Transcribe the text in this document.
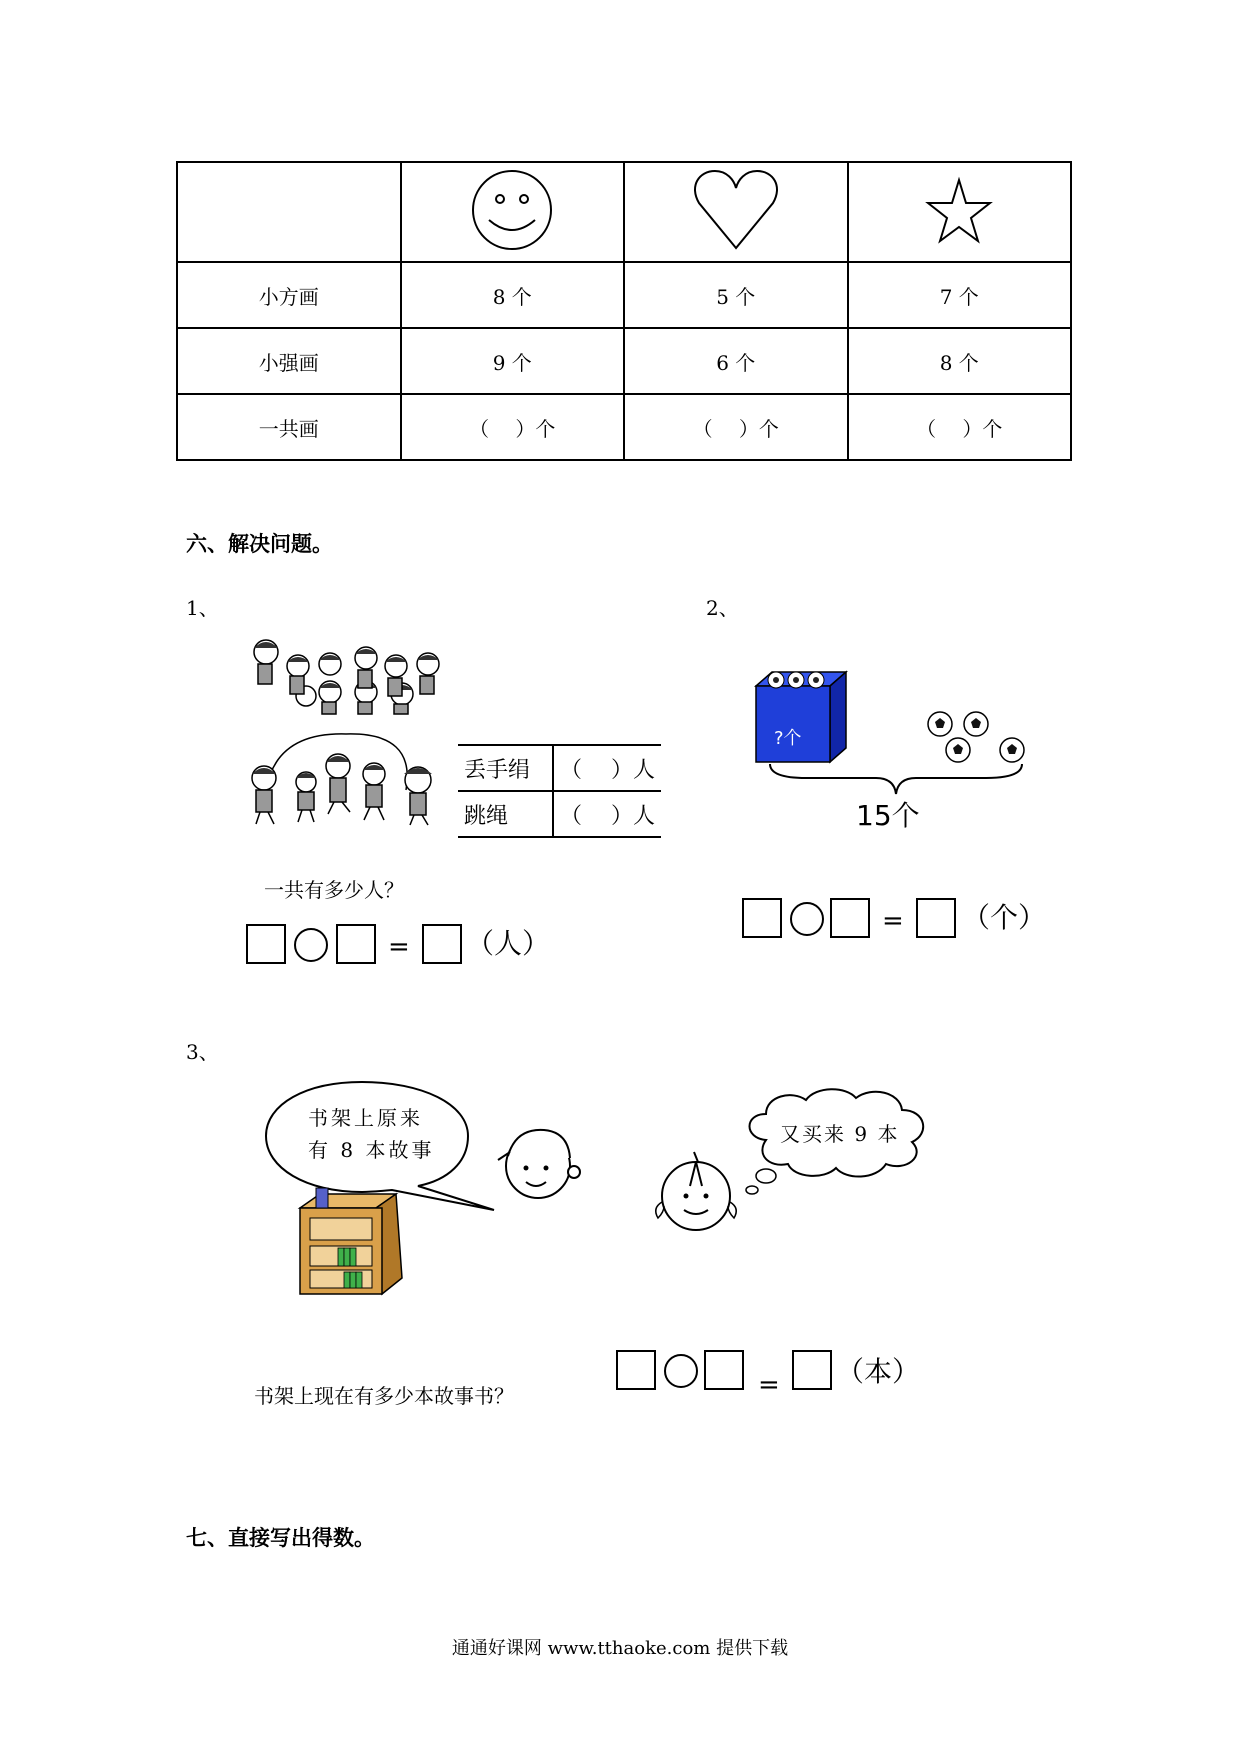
小方画	8 个	5 个	7 个
小强画	9 个	6 个	8 个
一共画	（　 ）个	（　 ）个	（　 ）个
六、解决问题。
1、
丢手绢	（　 ）人
跳绳	（　 ）人
一共有多少人？
= （人）
2、
?个
15个
= （个）
3、
书架上原来
有 8 本故事
又买来 9 本
书架上现在有多少本故事书？	= （本）
七、直接写出得数。
通通好课网 www.tthaoke.com 提供下载
